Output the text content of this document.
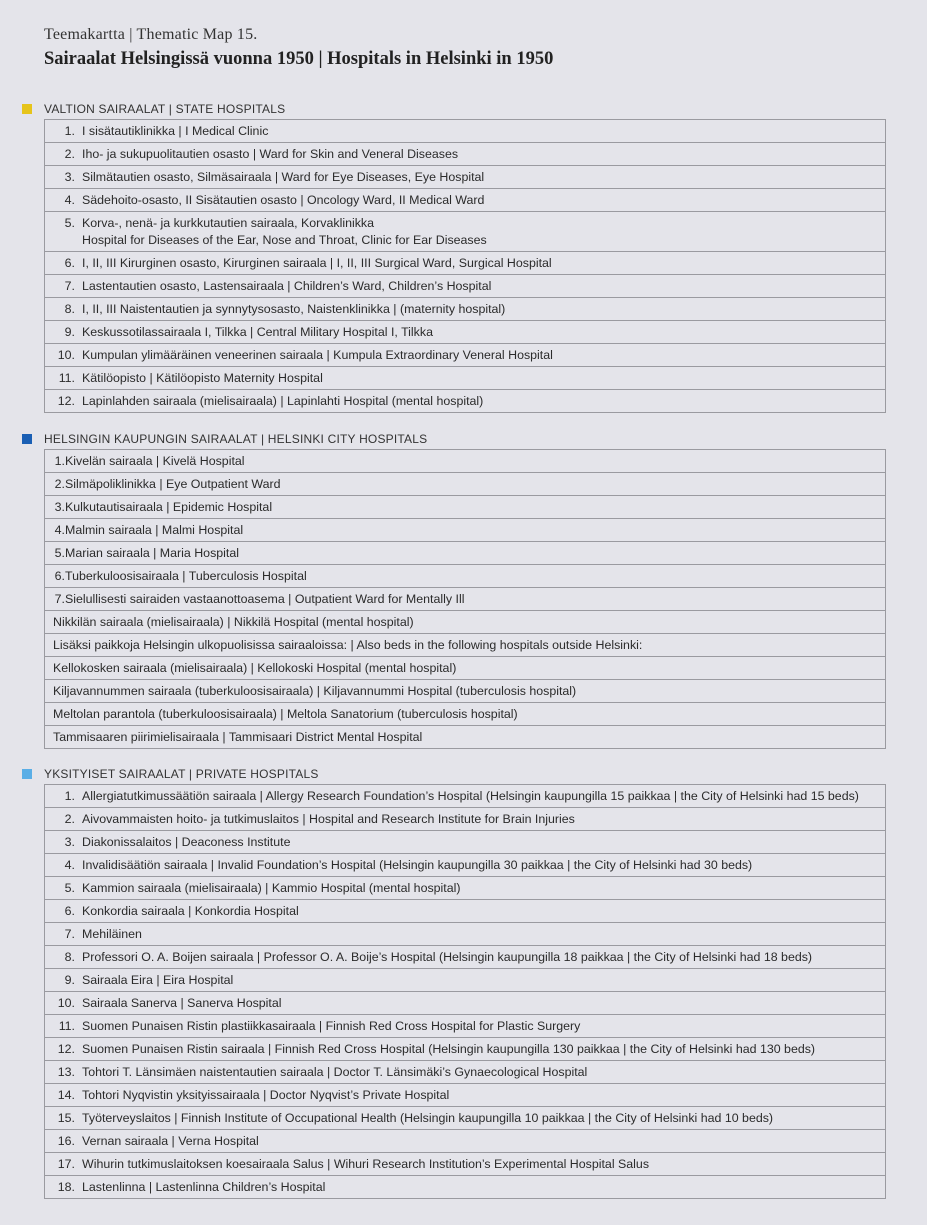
Teemakartta | Thematic Map 15.
Sairaalat Helsingissä vuonna 1950 | Hospitals in Helsinki in 1950
VALTION SAIRAALAT | STATE HOSPITALS
1. I sisätautiklinikka | I Medical Clinic
2. Iho- ja sukupuolitautien osasto | Ward for Skin and Veneral Diseases
3. Silmätautien osasto, Silmäsairaala | Ward for Eye Diseases, Eye Hospital
4. Sädehoito-osasto, II Sisätautien osasto | Oncology Ward, II Medical Ward
5. Korva-, nenä- ja kurkkutautien sairaala, Korvaklinikka
Hospital for Diseases of the Ear, Nose and Throat, Clinic for Ear Diseases
6. I, II, III Kirurginen osasto, Kirurginen sairaala | I, II, III Surgical Ward, Surgical Hospital
7. Lastentautien osasto, Lastensairaala | Children’s Ward, Children’s Hospital
8. I, II, III Naistentautien ja synnytysosasto, Naistenklinikka | (maternity hospital)
9. Keskussotilassairaala I, Tilkka | Central Military Hospital I, Tilkka
10. Kumpulan ylimääräinen veneerinen sairaala | Kumpula Extraordinary Veneral Hospital
11. Kätilöopisto | Kätilöopisto Maternity Hospital
12. Lapinlahden sairaala (mielisairaala) | Lapinlahti Hospital (mental hospital)
HELSINGIN KAUPUNGIN SAIRAALAT | HELSINKI CITY HOSPITALS
1. Kivelän sairaala | Kivelä Hospital
2. Silmäpoliklinikka | Eye Outpatient Ward
3. Kulkutautisairaala | Epidemic Hospital
4. Malmin sairaala | Malmi Hospital
5. Marian sairaala | Maria Hospital
6. Tuberkuloosisairaala | Tuberculosis Hospital
7. Sielullisesti sairaiden vastaanottoasema | Outpatient Ward for Mentally Ill
Nikkilän sairaala (mielisairaala) | Nikkilä Hospital (mental hospital)
Lisäksi paikkoja Helsingin ulkopuolisissa sairaaloissa: | Also beds in the following hospitals outside Helsinki:
Kellokosken sairaala (mielisairaala) | Kellokoski Hospital (mental hospital)
Kiljavannummen sairaala (tuberkuloosisairaala) | Kiljavannummi Hospital (tuberculosis hospital)
Meltolan parantola (tuberkuloosisairaala) | Meltola Sanatorium (tuberculosis hospital)
Tammisaaren piirimielisairaala | Tammisaari District Mental Hospital
YKSITYISET SAIRAALAT | PRIVATE HOSPITALS
1. Allergiatutkimussäätiön sairaala | Allergy Research Foundation’s Hospital (Helsingin kaupungilla 15 paikkaa | the City of Helsinki had 15 beds)
2. Aivovammaisten hoito- ja tutkimuslaitos | Hospital and Research Institute for Brain Injuries
3. Diakonissalaitos | Deaconess Institute
4. Invalidisäätiön sairaala | Invalid Foundation’s Hospital (Helsingin kaupungilla 30 paikkaa | the City of Helsinki had 30 beds)
5. Kammion sairaala (mielisairaala) | Kammio Hospital (mental hospital)
6. Konkordia sairaala | Konkordia Hospital
7. Mehiläinen
8. Professori O. A. Boijen sairaala | Professor O. A. Boije’s Hospital (Helsingin kaupungilla 18 paikkaa | the City of Helsinki had 18 beds)
9. Sairaala Eira | Eira Hospital
10. Sairaala Sanerva | Sanerva Hospital
11. Suomen Punaisen Ristin plastiikkasairaala | Finnish Red Cross Hospital for Plastic Surgery
12. Suomen Punaisen Ristin sairaala | Finnish Red Cross Hospital (Helsingin kaupungilla 130 paikkaa | the City of Helsinki had 130 beds)
13. Tohtori T. Länsimäen naistentautien sairaala | Doctor T. Länsimäki’s Gynaecological Hospital
14. Tohtori Nyqvistin yksityissairaala | Doctor Nyqvist’s Private Hospital
15. Työterveyslaitos | Finnish Institute of Occupational Health (Helsingin kaupungilla 10 paikkaa | the City of Helsinki had 10 beds)
16. Vernan sairaala | Verna Hospital
17. Wihurin tutkimuslaitoksen koesairaala Salus | Wihuri Research Institution’s Experimental Hospital Salus
18. Lastenlinna | Lastenlinna Children’s Hospital
